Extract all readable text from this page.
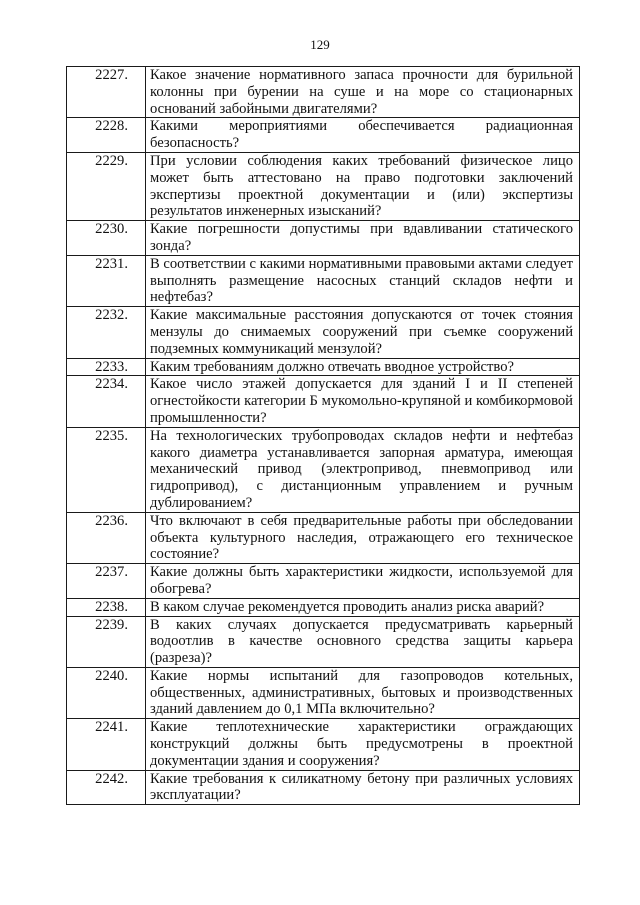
129
2227.	Какое значение нормативного запаса прочности для бурильной колонны при бурении на суше и на море со стационарных оснований забойными двигателями?
2228.	Какими мероприятиями обеспечивается радиационная безопасность?
2229.	При условии соблюдения каких требований физическое лицо может быть аттестовано на право подготовки заключений экспертизы проектной документации и (или) экспертизы результатов инженерных изысканий?
2230.	Какие погрешности допустимы при вдавливании статического зонда?
2231.	В соответствии с какими нормативными правовыми актами следует выполнять размещение насосных станций складов нефти и нефтебаз?
2232.	Какие максимальные расстояния допускаются от точек стояния мензулы до снимаемых сооружений при съемке сооружений подземных коммуникаций мензулой?
2233.	Каким требованиям должно отвечать вводное устройство?
2234.	Какое число этажей допускается для зданий I и II степеней огнестойкости категории Б мукомольно-крупяной и комбикормовой промышленности?
2235.	На технологических трубопроводах складов нефти и нефтебаз какого диаметра устанавливается запорная арматура, имеющая механический привод (электропривод, пневмопривод или гидропривод), с дистанционным управлением и ручным дублированием?
2236.	Что включают в себя предварительные работы при обследовании объекта культурного наследия, отражающего его техническое состояние?
2237.	Какие должны быть характеристики жидкости, используемой для обогрева?
2238.	В каком случае рекомендуется проводить анализ риска аварий?
2239.	В каких случаях допускается предусматривать карьерный водоотлив в качестве основного средства защиты карьера (разреза)?
2240.	Какие нормы испытаний для газопроводов котельных, общественных, административных, бытовых и производственных зданий давлением до 0,1 МПа включительно?
2241.	Какие теплотехнические характеристики ограждающих конструкций должны быть предусмотрены в проектной документации здания и сооружения?
2242.	Какие требования к силикатному бетону при различных условиях эксплуатации?
